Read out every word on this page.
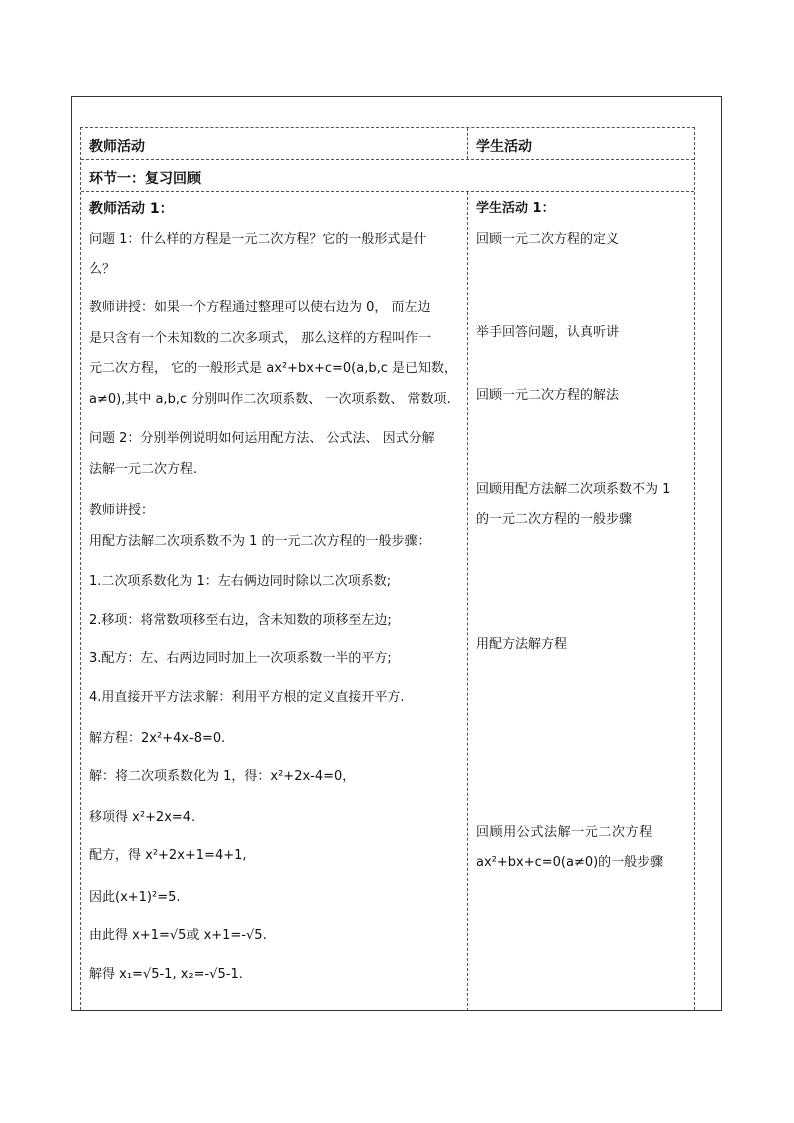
教师活动	学生活动
环节一：复习回顾
教师活动 1：
问题 1：什么样的方程是一元二次方程？它的一般形式是什
么？
教师讲授：如果一个方程通过整理可以使右边为 0， 而左边
是只含有一个未知数的二次多项式， 那么这样的方程叫作一
元二次方程， 它的一般形式是 ax²+bx+c=0(a,b,c 是已知数，
a≠0),其中 a,b,c 分别叫作二次项系数、 一次项系数、 常数项.
问题 2：分别举例说明如何运用配方法、 公式法、 因式分解
法解一元二次方程.
教师讲授：
用配方法解二次项系数不为 1 的一元二次方程的一般步骤：
1.二次项系数化为 1：左右俩边同时除以二次项系数;
2.移项：将常数项移至右边，含未知数的项移至左边;
3.配方：左、右两边同时加上一次项系数一半的平方;
4.用直接开平方法求解：利用平方根的定义直接开平方.
解方程：2x²+4x-8=0.
解：将二次项系数化为 1，得：x²+2x-4=0，
移项得 x²+2x=4.
配方，得 x²+2x+1=4+1,
因此(x+1)²=5.
由此得 x+1=√5或 x+1=-√5.
解得 x₁=√5-1, x₂=-√5-1.
学生活动 1：
回顾一元二次方程的定义
举手回答问题，认真听讲
回顾一元二次方程的解法
回顾用配方法解二次项系数不为 1
的一元二次方程的一般步骤
用配方法解方程
回顾用公式法解一元二次方程
ax²+bx+c=0(a≠0)的一般步骤
